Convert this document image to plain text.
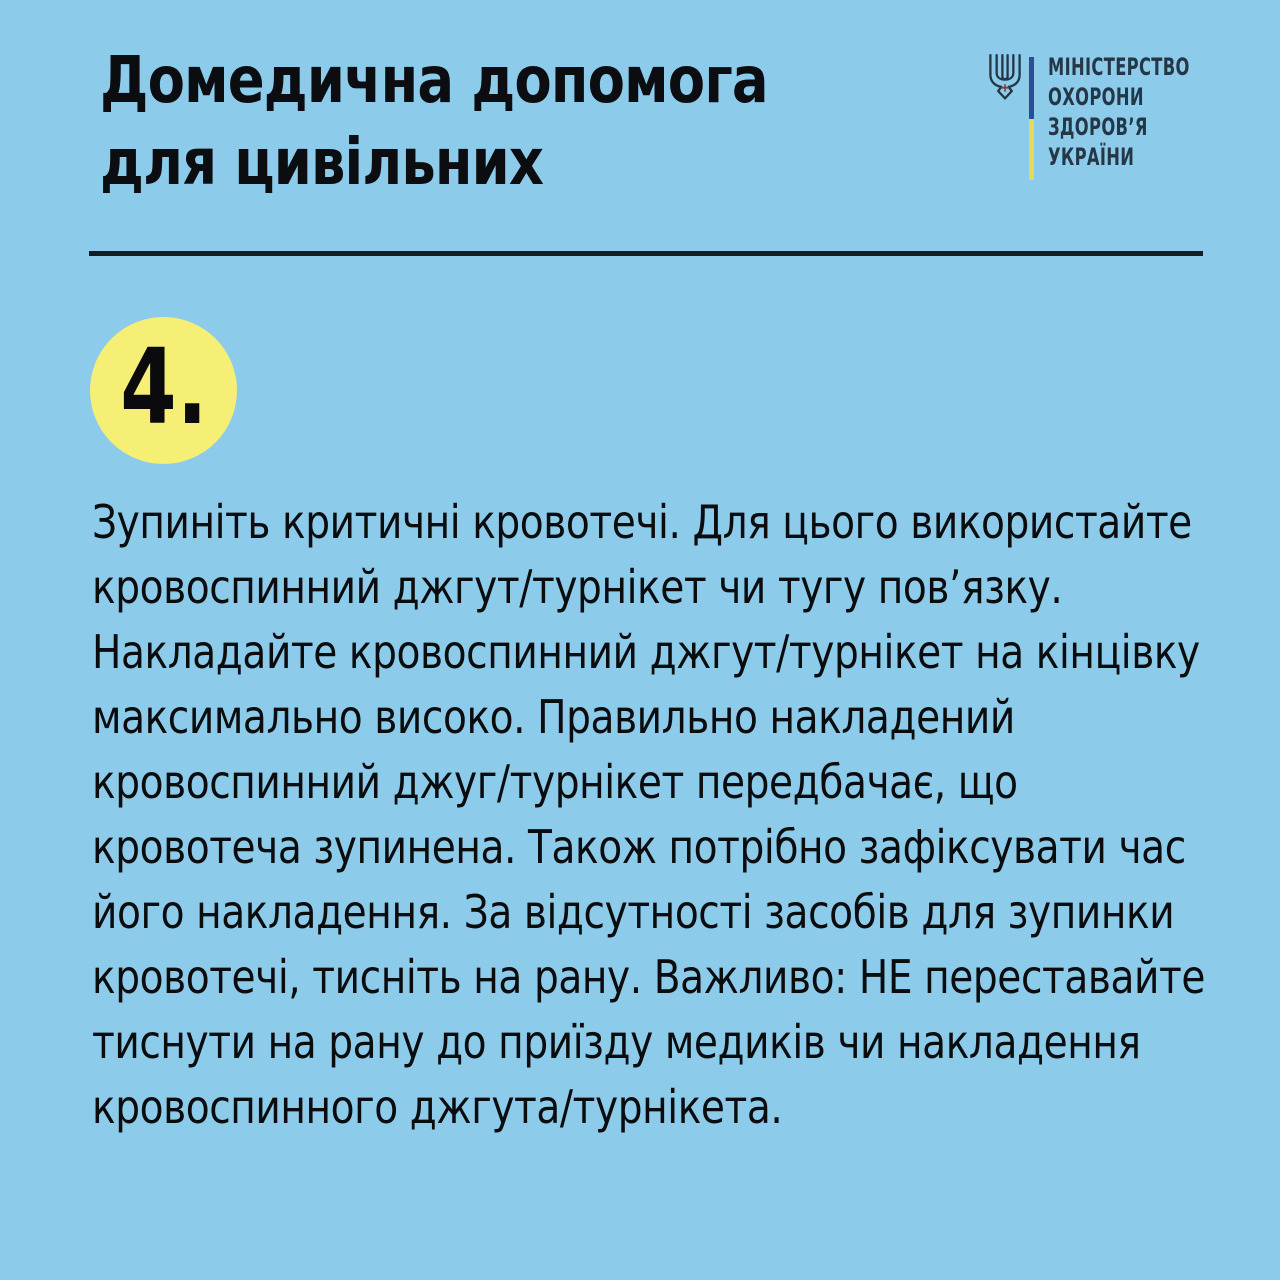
Домедична допомога
для цивільних
МІНІСТЕРСТВО
ОХОРОНИ
ЗДОРОВ’Я
УКРАЇНИ
4.
Зупиніть критичні кровотечі. Для цього використайте
кровоспинний джгут/турнікет чи тугу пов’язку.
Накладайте кровоспинний джгут/турнікет на кінцівку
максимально високо. Правильно накладений
кровоспинний джуг/турнікет передбачає, що
кровотеча зупинена. Також потрібно зафіксувати час
його накладення. За відсутності засобів для зупинки
кровотечі, тисніть на рану. Важливо: НЕ переставайте
тиснути на рану до приїзду медиків чи накладення
кровоспинного джгута/турнікета.
